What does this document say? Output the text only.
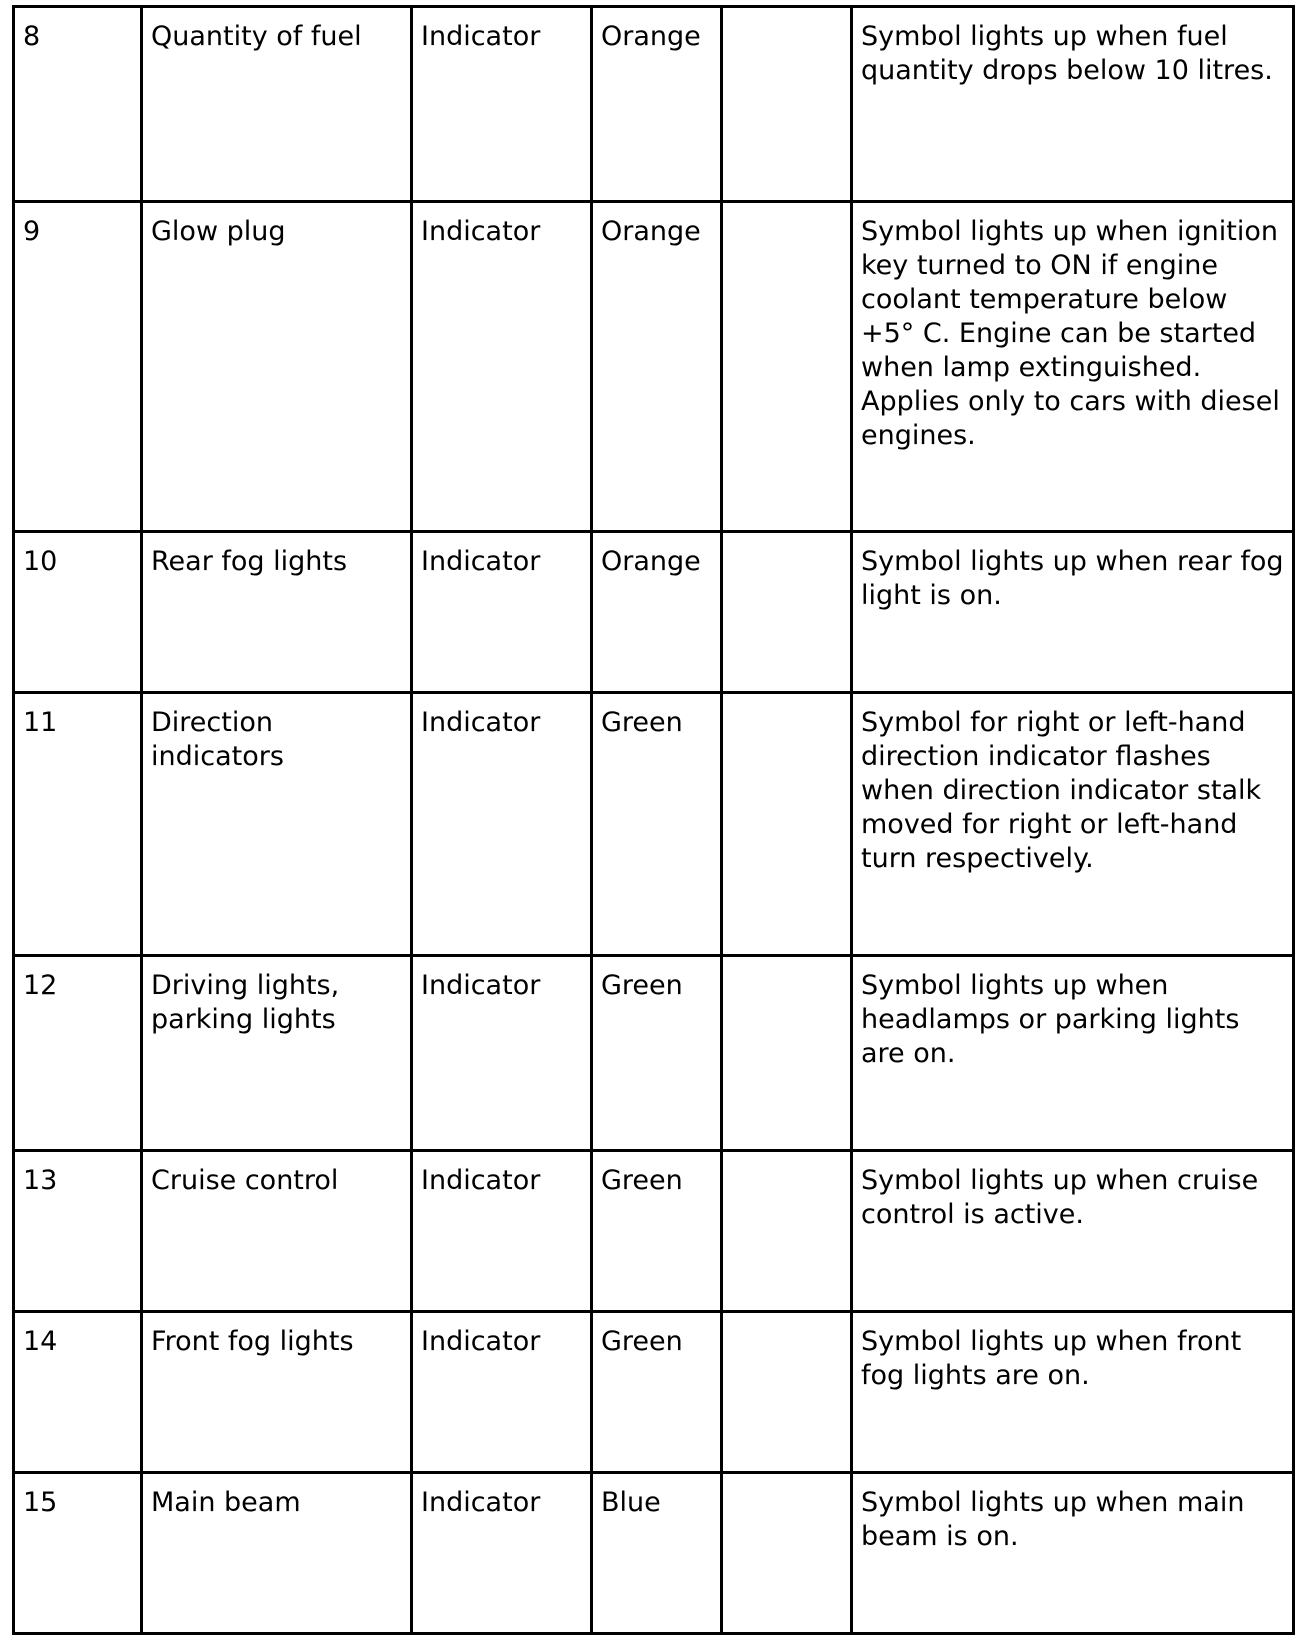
8	Quantity of fuel	Indicator	Orange		Symbol lights up when fuel quantity drops below 10 litres.
9	Glow plug	Indicator	Orange		Symbol lights up when ignition key turned to ON if engine coolant temperature below +5° C. Engine can be started when lamp extinguished. Applies only to cars with diesel engines.
10	Rear fog lights	Indicator	Orange		Symbol lights up when rear fog light is on.
11	Direction indicators	Indicator	Green		Symbol for right or left-hand direction indicator flashes when direction indicator stalk moved for right or left-hand turn respectively.
12	Driving lights, parking lights	Indicator	Green		Symbol lights up when headlamps or parking lights are on.
13	Cruise control	Indicator	Green		Symbol lights up when cruise control is active.
14	Front fog lights	Indicator	Green		Symbol lights up when front fog lights are on.
15	Main beam	Indicator	Blue		Symbol lights up when main beam is on.
